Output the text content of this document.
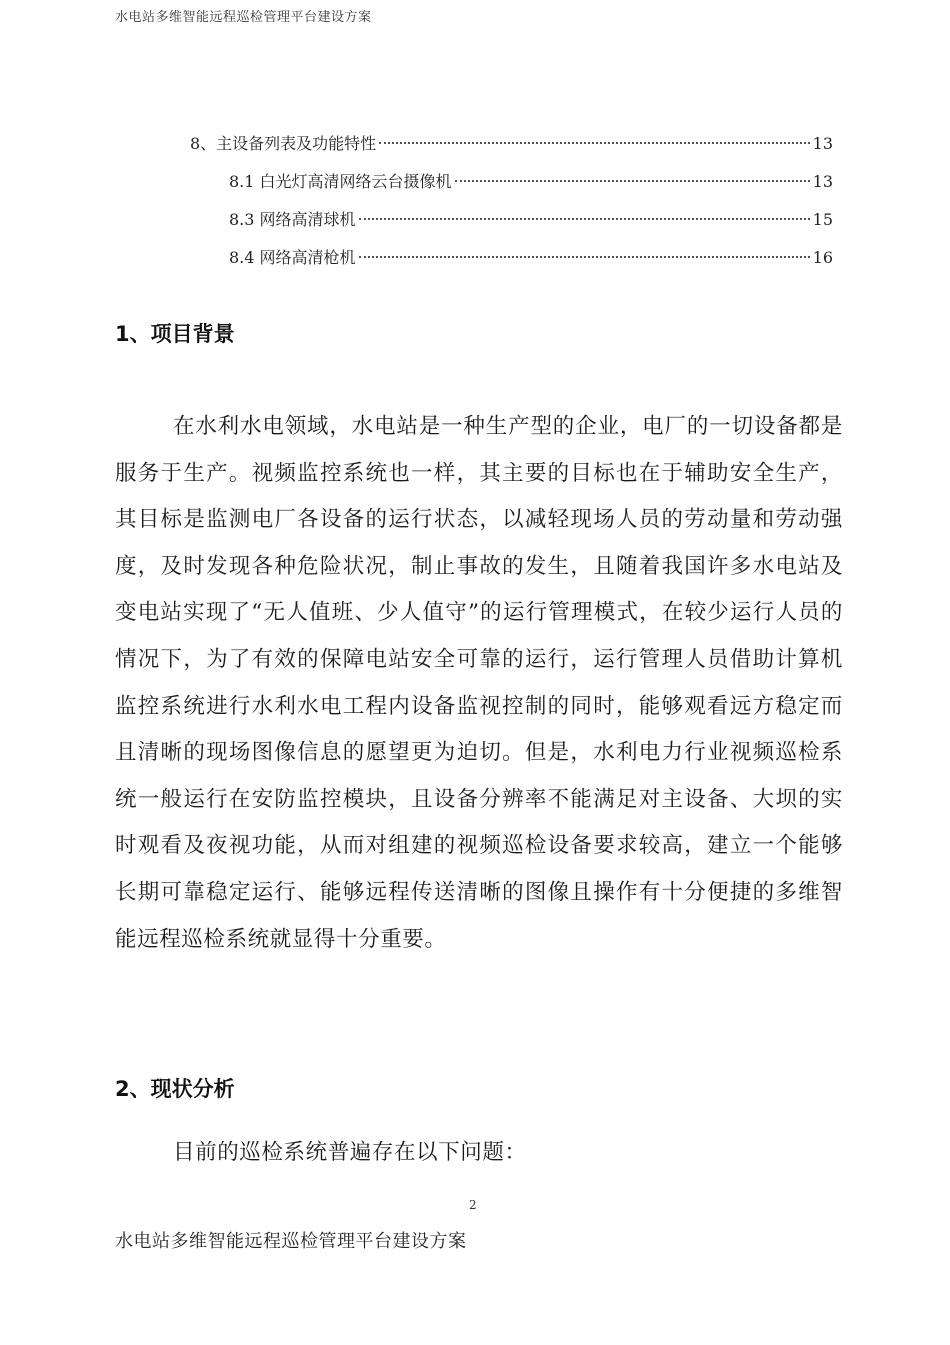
水电站多维智能远程巡检管理平台建设方案
8、主设备列表及功能特性	13
8.1 白光灯高清网络云台摄像机	13
8.3 网络高清球机	15
8.4 网络高清枪机	16
1、项目背景

在水利水电领域，水电站是一种生产型的企业，电厂的一切设备都是服务于生产。视频监控系统也一样，其主要的目标也在于辅助安全生产，其目标是监测电厂各设备的运行状态，以减轻现场人员的劳动量和劳动强度，及时发现各种危险状况，制止事故的发生，且随着我国许多水电站及变电站实现了“无人值班、少人值守”的运行管理模式，在较少运行人员的情况下，为了有效的保障电站安全可靠的运行，运行管理人员借助计算机监控系统进行水利水电工程内设备监视控制的同时，能够观看远方稳定而且清晰的现场图像信息的愿望更为迫切。但是，水利电力行业视频巡检系统一般运行在安防监控模块，且设备分辨率不能满足对主设备、大坝的实时观看及夜视功能，从而对组建的视频巡检设备要求较高，建立一个能够长期可靠稳定运行、能够远程传送清晰的图像且操作有十分便捷的多维智能远程巡检系统就显得十分重要。

2、现状分析

目前的巡检系统普遍存在以下问题：

2
水电站多维智能远程巡检管理平台建设方案
